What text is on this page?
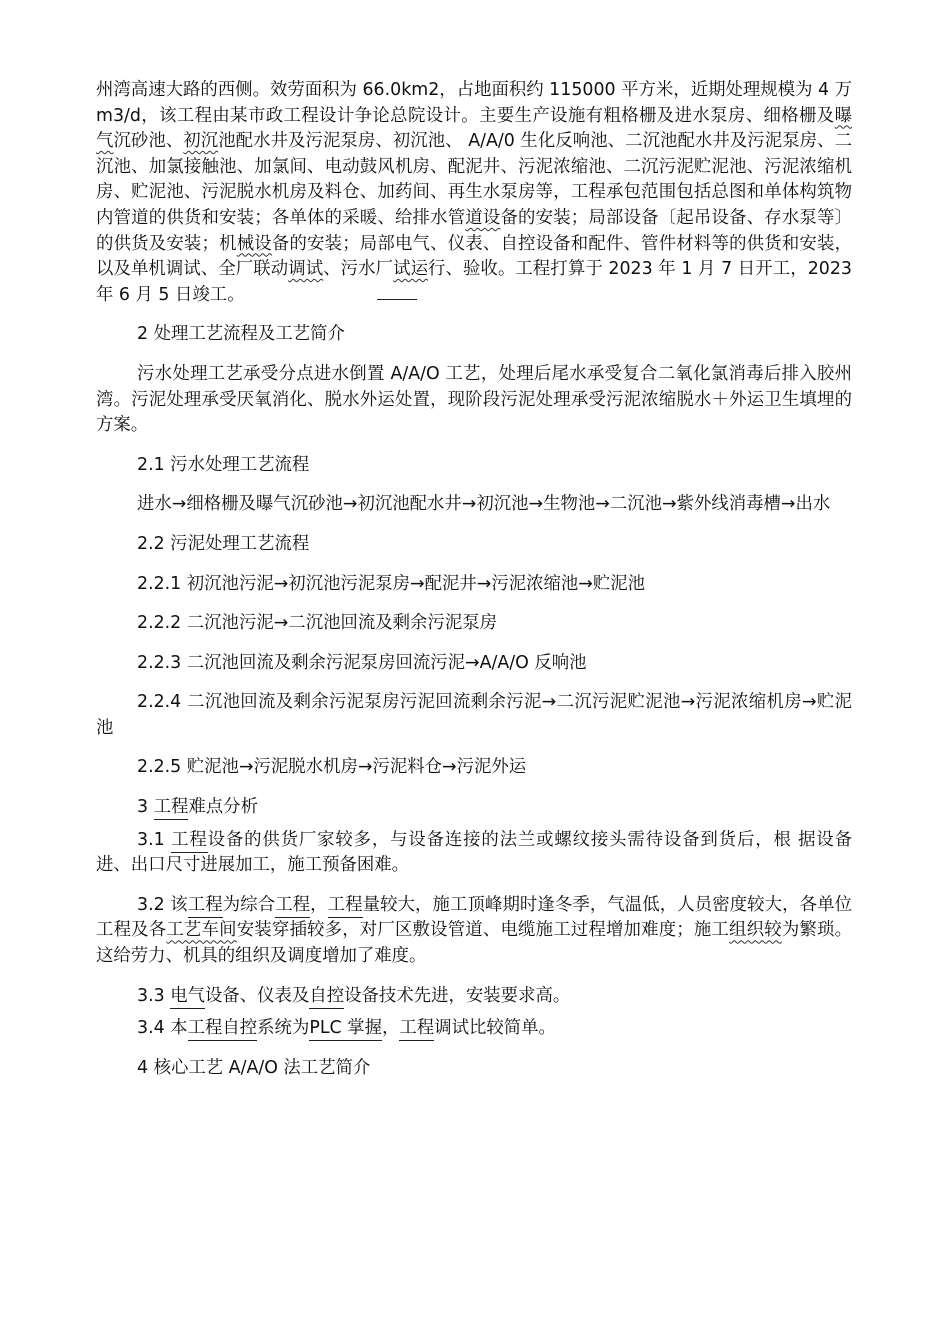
州湾高速大路的西侧。效劳面积为 66.0km2，占地面积约 115000 平方米，近期处理规模为 4 万 m3/d，该工程由某市政工程设计争论总院设计。主要生产设施有粗格栅及进水泵房、细格栅及曝气沉砂池、初沉池配水井及污泥泵房、初沉池、 A/A/0 生化反响池、二沉池配水井及污泥泵房、二沉池、加氯接触池、加氯间、电动鼓风机房、配泥井、污泥浓缩池、二沉污泥贮泥池、污泥浓缩机房、贮泥池、污泥脱水机房及料仓、加药间、再生水泵房等，工程承包范围包括总图和单体构筑物内管道的供货和安装；各单体的采暖、给排水管道设备的安装；局部设备〔起吊设备、存水泵等〕的供货及安装；机械设备的安装；局部电气、仪表、自控设备和配件、管件材料等的供货和安装，以及单机调试、全厂联动调试、污水厂试运行、验收。工程打算于 2023 年 1 月 7 日开工，2023 年 6 月 5 日竣工。

2 处理工艺流程及工艺简介

污水处理工艺承受分点进水倒置 A/A/O 工艺，处理后尾水承受复合二氧化氯消毒后排入胶州湾。污泥处理承受厌氧消化、脱水外运处置，现阶段污泥处理承受污泥浓缩脱水＋外运卫生填埋的方案。

2.1 污水处理工艺流程

进水→细格栅及曝气沉砂池→初沉池配水井→初沉池→生物池→二沉池→紫外线消毒槽→出水

2.2 污泥处理工艺流程

2.2.1 初沉池污泥→初沉池污泥泵房→配泥井→污泥浓缩池→贮泥池

2.2.2 二沉池污泥→二沉池回流及剩余污泥泵房

2.2.3 二沉池回流及剩余污泥泵房回流污泥→A/A/O 反响池

2.2.4 二沉池回流及剩余污泥泵房污泥回流剩余污泥→二沉污泥贮泥池→污泥浓缩机房→贮泥池

2.2.5 贮泥池→污泥脱水机房→污泥料仓→污泥外运

3 工程难点分析

3.1 工程设备的供货厂家较多，与设备连接的法兰或螺纹接头需待设备到货后，根 据设备进、出口尺寸进展加工，施工预备困难。

3.2 该工程为综合工程，工程量较大，施工顶峰期时逢冬季，气温低，人员密度较大，各单位工程及各工艺车间安装穿插较多，对厂区敷设管道、电缆施工过程增加难度；施工组织较为繁琐。这给劳力、机具的组织及调度增加了难度。

3.3 电气设备、仪表及自控设备技术先进，安装要求高。

3.4 本工程自控系统为PLC 掌握，工程调试比较简单。

4 核心工艺 A/A/O 法工艺简介
